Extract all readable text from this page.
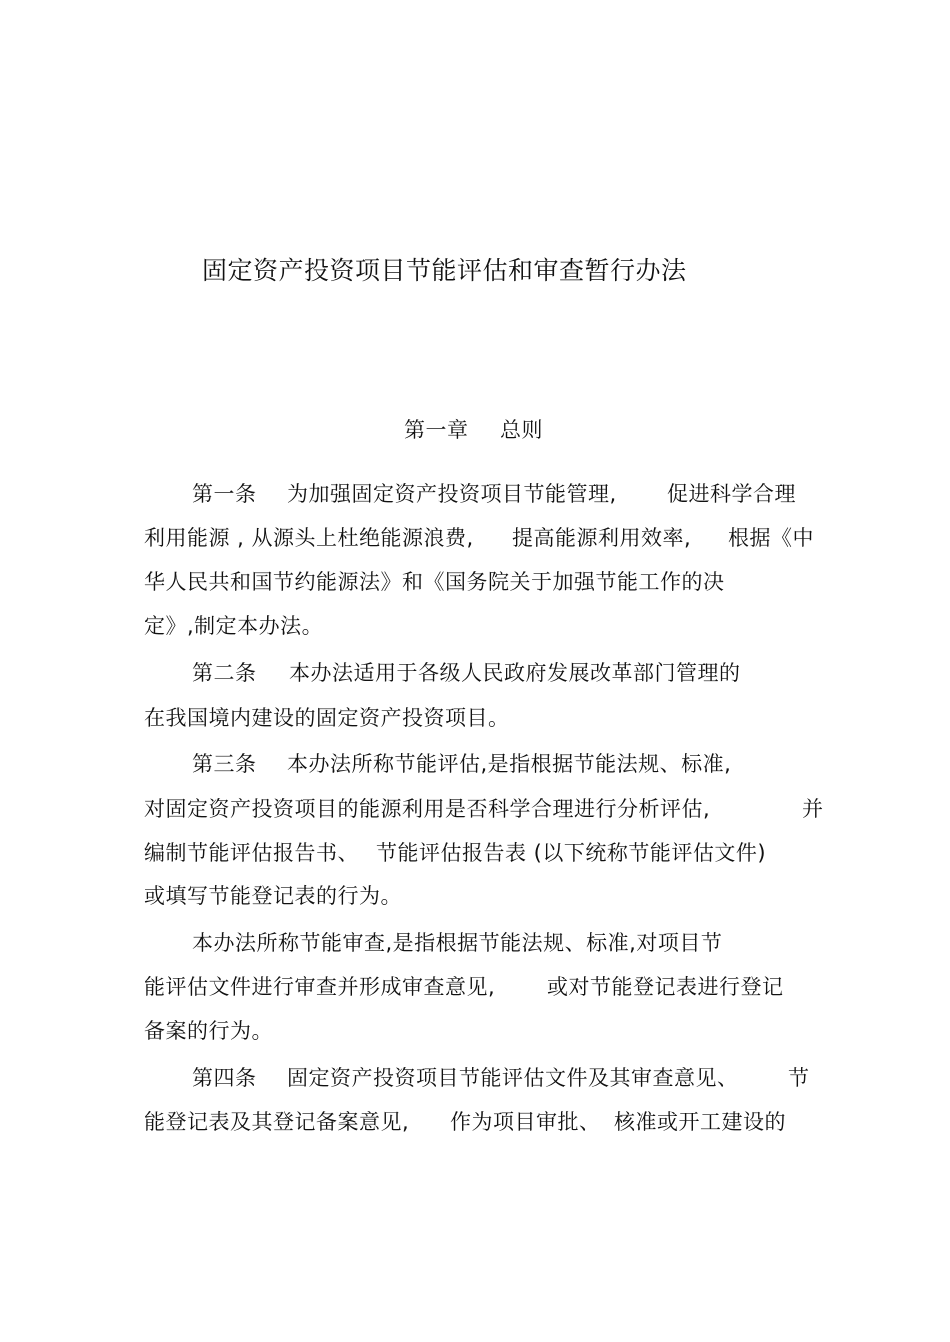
固定资产投资项目节能评估和审查暂行办法
第一章 总则
第一条 为加强固定资产投资项目节能管理, 促进科学合理
利用能源 , 从源头上杜绝能源浪费, 提高能源利用效率, 根据《中
华人民共和国节约能源法》和《国务院关于加强节能工作的决
定》,制定本办法。
第二条 本办法适用于各级人民政府发展改革部门管理的
在我国境内建设的固定资产投资项目。
第三条 本办法所称节能评估,是指根据节能法规、标准,
对固定资产投资项目的能源利用是否科学合理进行分析评估,	并
编制节能评估报告书、 节能评估报告表 (以下统称节能评估文件)
或填写节能登记表的行为。
本办法所称节能审查,是指根据节能法规、标准,对项目节
能评估文件进行审查并形成审查意见, 或对节能登记表进行登记
备案的行为。
第四条 固定资产投资项目节能评估文件及其审查意见、 节
能登记表及其登记备案意见, 作为项目审批、 核准或开工建设的
